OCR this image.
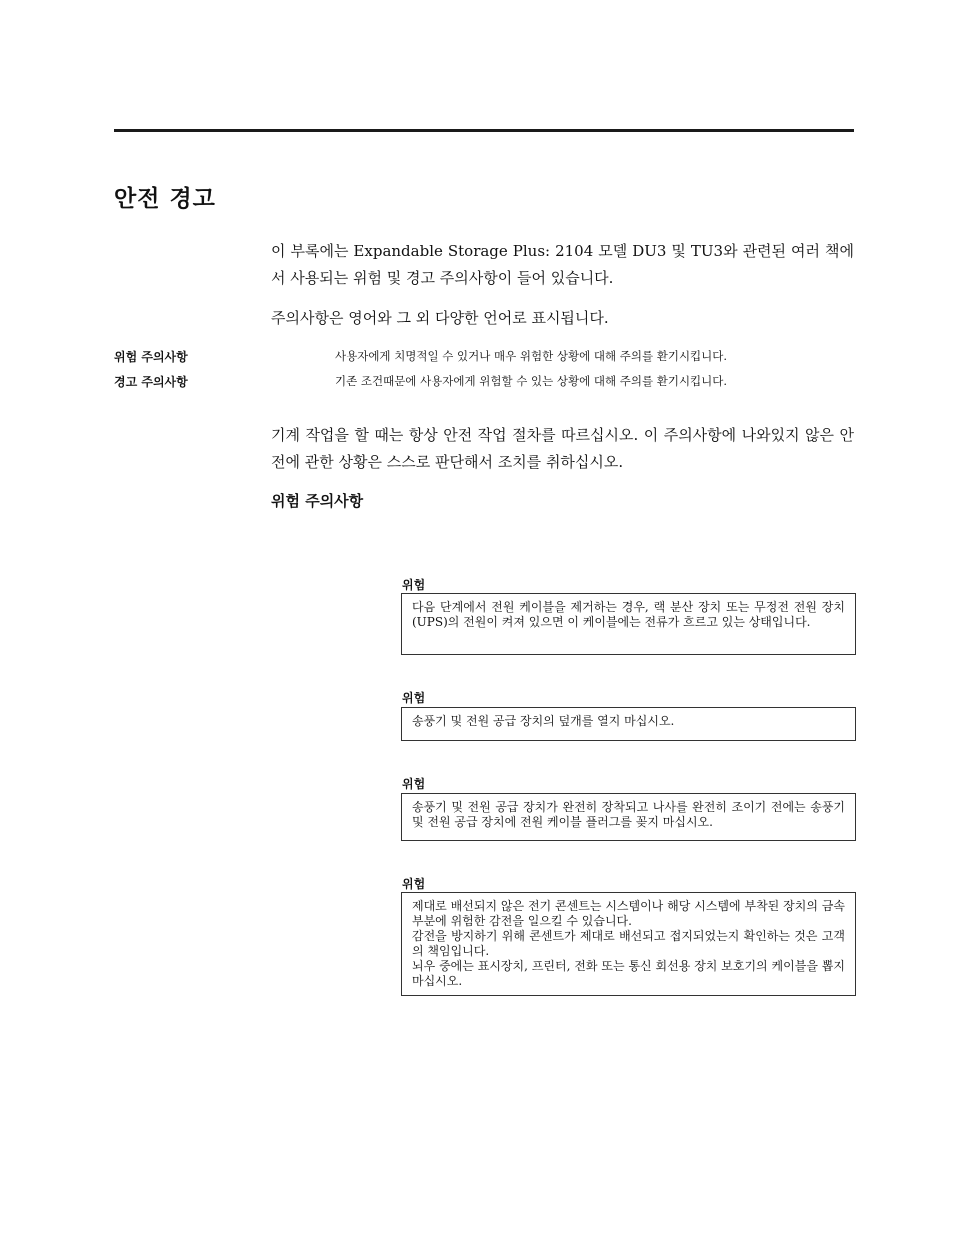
안전 경고

이 부록에는 Expandable Storage Plus: 2104 모델 DU3 및 TU3와 관련된 여러 책에서 사용되는 위험 및 경고 주의사항이 들어 있습니다.

주의사항은 영어와 그 외 다양한 언어로 표시됩니다.

위험 주의사항	사용자에게 치명적일 수 있거나 매우 위험한 상황에 대해 주의를 환기시킵니다.
경고 주의사항	기존 조건때문에 사용자에게 위험할 수 있는 상황에 대해 주의를 환기시킵니다.

기계 작업을 할 때는 항상 안전 작업 절차를 따르십시오. 이 주의사항에 나와있지 않은 안전에 관한 상황은 스스로 판단해서 조치를 취하십시오.

위험 주의사항
위험

다음 단계에서 전원 케이블을 제거하는 경우, 랙 분산 장치 또는 무정전 전원 장치(UPS)의 전원이 켜져 있으면 이 케이블에는 전류가 흐르고 있는 상태입니다.

위험

송풍기 및 전원 공급 장치의 덮개를 열지 마십시오.

위험

송풍기 및 전원 공급 장치가 완전히 장착되고 나사를 완전히 조이기 전에는 송풍기 및 전원 공급 장치에 전원 케이블 플러그를 꽂지 마십시오.

위험

제대로 배선되지 않은 전기 콘센트는 시스템이나 해당 시스템에 부착된 장치의 금속 부분에 위험한 감전을 일으킬 수 있습니다.

감전을 방지하기 위해 콘센트가 제대로 배선되고 접지되었는지 확인하는 것은 고객의 책임입니다.

뇌우 중에는 표시장치, 프린터, 전화 또는 통신 회선용 장치 보호기의 케이블을 뽑지 마십시오.
